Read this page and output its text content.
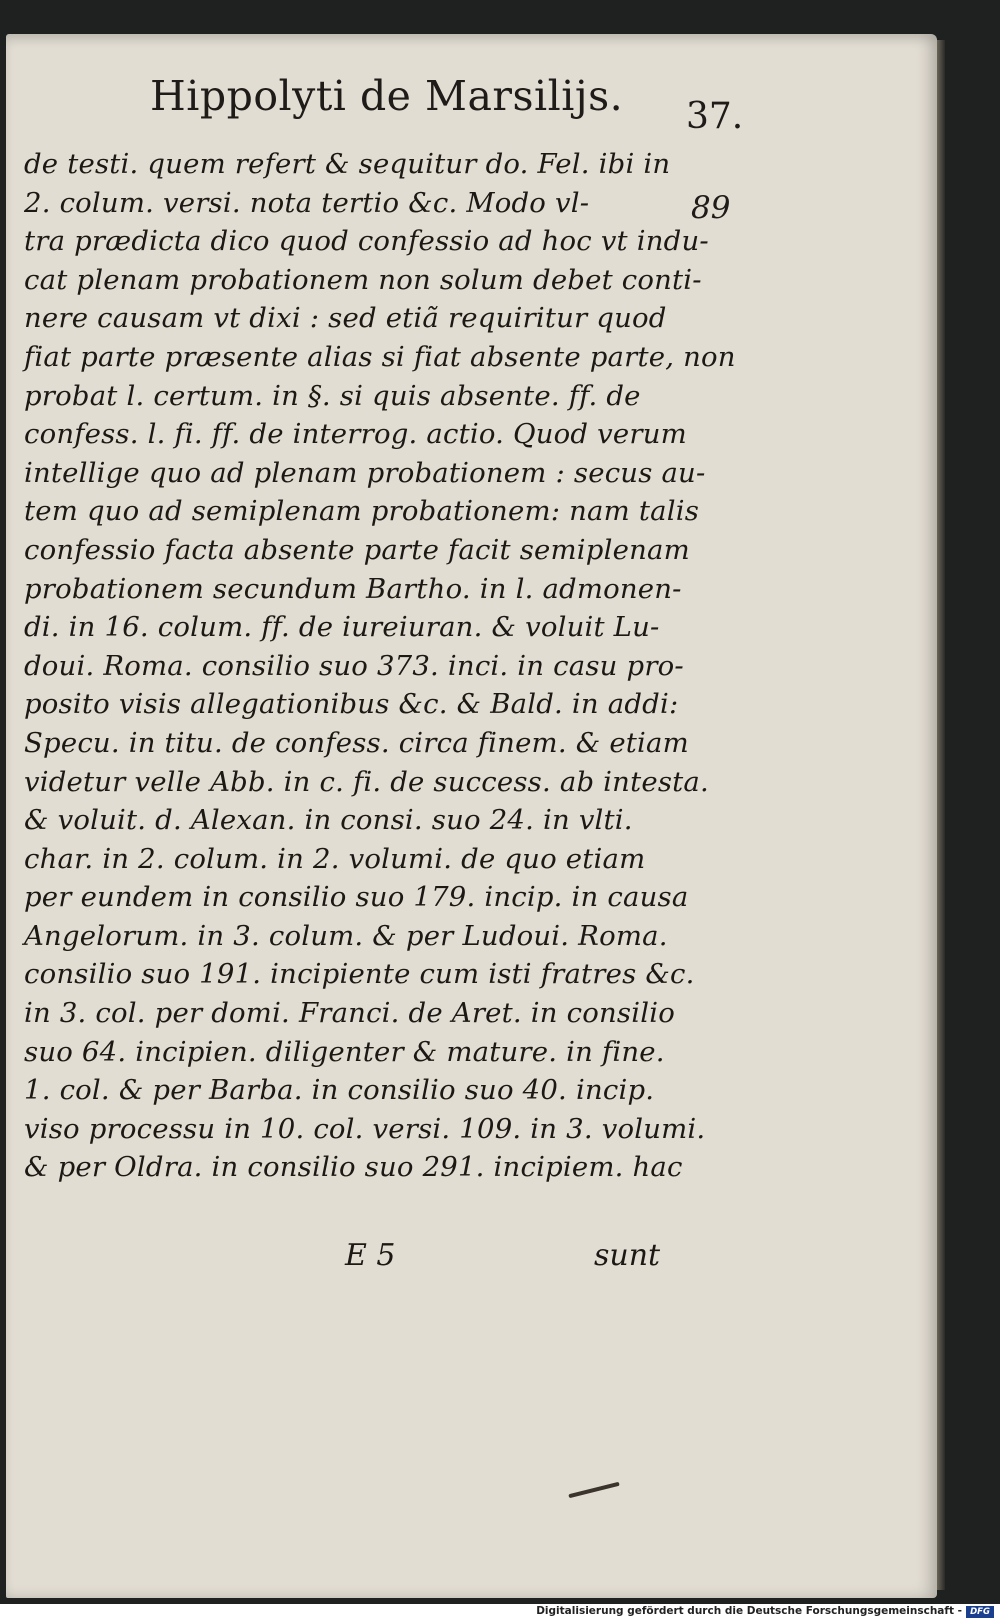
Hippolyti de Marsilijs. 37.
89
de testi. quem refert & sequitur do. Fel. ibi in
2. colum. versi. nota tertio &c. Modo vl-
tra prædicta dico quod confessio ad hoc vt indu-
cat plenam probationem non solum debet conti-
nere causam vt dixi : sed etiã requiritur quod
fiat parte præsente alias si fiat absente parte, non
probat l. certum. in §. si quis absente. ff. de
confess. l. fi. ff. de interrog. actio. Quod verum
intellige quo ad plenam probationem : secus au-
tem quo ad semiplenam probationem: nam talis
confessio facta absente parte facit semiplenam
probationem secundum Bartho. in l. admonen-
di. in 16. colum. ff. de iureiuran. & voluit Lu-
doui. Roma. consilio suo 373. inci. in casu pro-
posito visis allegationibus &c. & Bald. in addi:
Specu. in titu. de confess. circa finem. & etiam
videtur velle Abb. in c. fi. de success. ab intesta.
& voluit. d. Alexan. in consi. suo 24. in vlti.
char. in 2. colum. in 2. volumi. de quo etiam
per eundem in consilio suo 179. incip. in causa
Angelorum. in 3. colum. & per Ludoui. Roma.
consilio suo 191. incipiente cum isti fratres &c.
in 3. col. per domi. Franci. de Aret. in consilio
suo 64. incipien. diligenter & mature. in fine.
1. col. & per Barba. in consilio suo 40. incip.
viso processu in 10. col. versi. 109. in 3. volumi.
& per Oldra. in consilio suo 291. incipiem. hac
E 5	sunt
Digitalisierung gefördert durch die Deutsche Forschungsgemeinschaft - DFG
